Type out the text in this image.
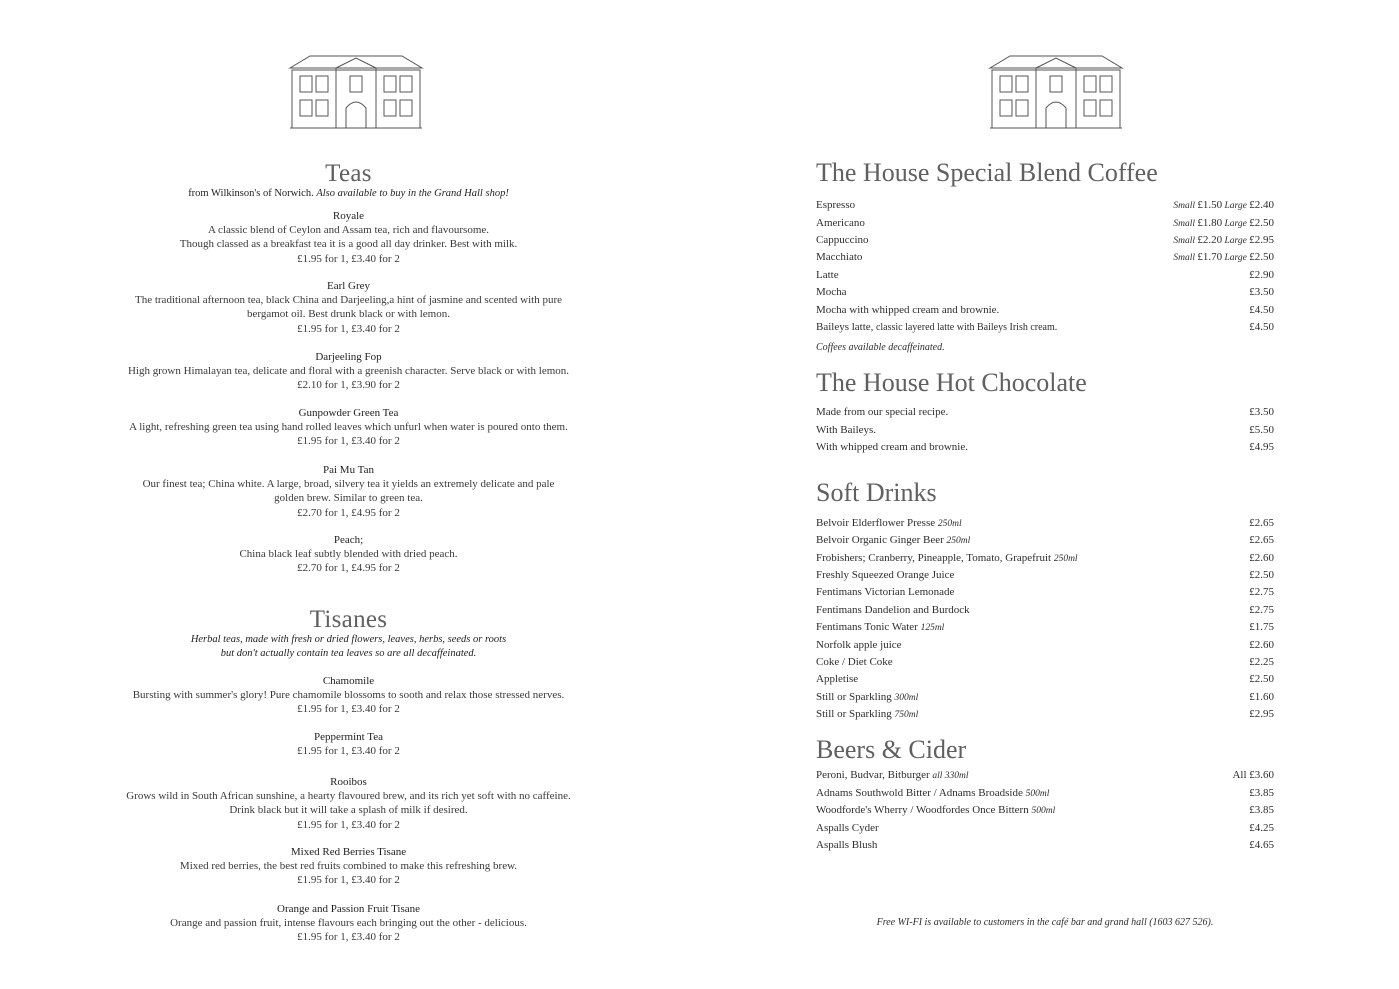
Teas
from Wilkinson's of Norwich. Also available to buy in the Grand Hall shop!
Royale
A classic blend of Ceylon and Assam tea, rich and flavoursome.
Though classed as a breakfast tea it is a good all day drinker. Best with milk.
£1.95 for 1, £3.40 for 2
Earl Grey
The traditional afternoon tea, black China and Darjeeling,a hint of jasmine and scented with pure
bergamot oil. Best drunk black or with lemon.
£1.95 for 1, £3.40 for 2
Darjeeling Fop
High grown Himalayan tea, delicate and floral with a greenish character. Serve black or with lemon.
£2.10 for 1, £3.90 for 2
Gunpowder Green Tea
A light, refreshing green tea using hand rolled leaves which unfurl when water is poured onto them.
£1.95 for 1, £3.40 for 2
Pai Mu Tan
Our finest tea; China white. A large, broad, silvery tea it yields an extremely delicate and pale
golden brew. Similar to green tea.
£2.70 for 1, £4.95 for 2
Peach;
China black leaf subtly blended with dried peach.
£2.70 for 1, £4.95 for 2
Tisanes
Herbal teas, made with fresh or dried flowers, leaves, herbs, seeds or roots
but don't actually contain tea leaves so are all decaffeinated.
Chamomile
Bursting with summer's glory! Pure chamomile blossoms to sooth and relax those stressed nerves.
£1.95 for 1, £3.40 for 2
Peppermint Tea
£1.95 for 1, £3.40 for 2
Rooibos
Grows wild in South African sunshine, a hearty flavoured brew, and its rich yet soft with no caffeine.
Drink black but it will take a splash of milk if desired.
£1.95 for 1, £3.40 for 2
Mixed Red Berries Tisane
Mixed red berries, the best red fruits combined to make this refreshing brew.
£1.95 for 1, £3.40 for 2
Orange and Passion Fruit Tisane
Orange and passion fruit, intense flavours each bringing out the other - delicious.
£1.95 for 1, £3.40 for 2
The House Special Blend Coffee
Espresso	Small £1.50 Large £2.40
Americano	Small £1.80 Large £2.50
Cappuccino	Small £2.20 Large £2.95
Macchiato	Small £1.70 Large £2.50
Latte	£2.90
Mocha	£3.50
Mocha with whipped cream and brownie.	£4.50
Baileys latte, classic layered latte with Baileys Irish cream.	£4.50
Coffees available decaffeinated.
The House Hot Chocolate
Made from our special recipe.	£3.50
With Baileys.	£5.50
With whipped cream and brownie.	£4.95
Soft Drinks
Belvoir Elderflower Presse 250ml	£2.65
Belvoir Organic Ginger Beer 250ml	£2.65
Frobishers; Cranberry, Pineapple, Tomato, Grapefruit 250ml	£2.60
Freshly Squeezed Orange Juice	£2.50
Fentimans Victorian Lemonade	£2.75
Fentimans Dandelion and Burdock	£2.75
Fentimans Tonic Water 125ml	£1.75
Norfolk apple juice	£2.60
Coke / Diet Coke	£2.25
Appletise	£2.50
Still or Sparkling 300ml	£1.60
Still or Sparkling 750ml	£2.95
Beers & Cider
Peroni, Budvar, Bitburger all 330ml	All £3.60
Adnams Southwold Bitter / Adnams Broadside 500ml	£3.85
Woodforde's Wherry / Woodfordes Once Bittern 500ml	£3.85
Aspalls Cyder	£4.25
Aspalls Blush	£4.65
Free WI-FI is available to customers in the café bar and grand hall (1603 627 526).
